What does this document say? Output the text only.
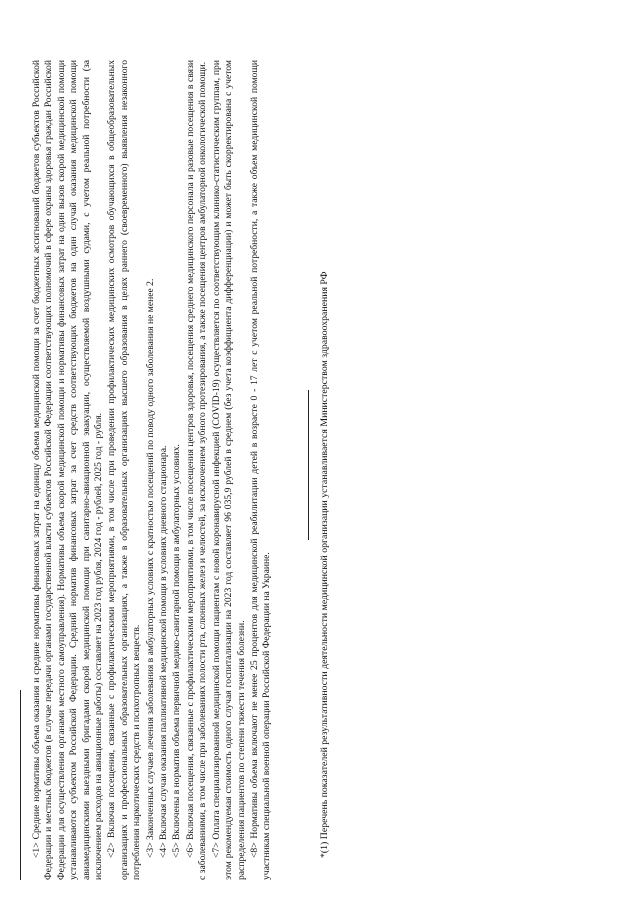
<1> Средние нормативы объема оказания и средние нормативы финансовых затрат на единицу объема медицинской помощи за счет бюджетных ассигнований бюджетов субъектов Российской Федерации и местных бюджетов (в случае передачи органами государственной власти субъектов Российской Федерации соответствующих полномочий в сфере охраны здоровья граждан Российской Федерации для осуществления органами местного самоуправления). Нормативы объема скорой медицинской помощи и нормативы финансовых затрат на один вызов скорой медицинской помощи устанавливаются субъектом Российской Федерации. Средний норматив финансовых затрат за счет средств соответствующих бюджетов на один случай оказания медицинской помощи авиамедицинскими выездными бригадами скорой медицинской помощи при санитарно-авиационной эвакуации, осуществляемой воздушными судами, с учетом реальной потребности (за исключением расходов на авиационные работы) составляет на 2023 год рубля, 2024 год - рублей, 2025 год - рубля. <2> Включая посещения, связанные с профилактическими мероприятиями, в том числе при проведении профилактических медицинских осмотров обучающихся в общеобразовательных организациях и профессиональных образовательных организациях, а также в образовательных организациях высшего образования в целях раннего (своевременного) выявления незаконного потребления наркотических средств и психотропных веществ. <3> Законченных случаев лечения заболевания в амбулаторных условиях с кратностью посещений по поводу одного заболевания не менее 2. <4> Включая случаи оказания паллиативной медицинской помощи в условиях дневного стационара. <5> Включены в норматив объема первичной медико-санитарной помощи в амбулаторных условиях. <6> Включая посещения, связанные с профилактическими мероприятиями, в том числе посещения центров здоровья, посещения среднего медицинского персонала и разовые посещения в связи с заболеваниями, в том числе при заболеваниях полости рта, слюнных желез и челюстей, за исключением зубного протезирования, а также посещения центров амбулаторной онкологической помощи. <7> Оплата специализированной медицинской помощи пациентам с новой коронавирусной инфекцией (COVID-19) осуществляется по соответствующим клинико-статистическим группам, при этом рекомендуемая стоимость одного случая госпитализации на 2023 год составляет 96 035,9 рублей в среднем (без учета коэффициента дифференциации) и может быть скорректирована с учетом распределения пациентов по степени тяжести течения болезни. <8> Нормативы объема включают не менее 25 процентов для медицинской реабилитации детей в возрасте 0 - 17 лет с учетом реальной потребности, а также объем медицинской помощи участникам специальной военной операции Российской Федерации на Украине.	*(1) Перечень показателей результативности деятельности медицинской организации устанавливается Министерством здравоохранения РФ
